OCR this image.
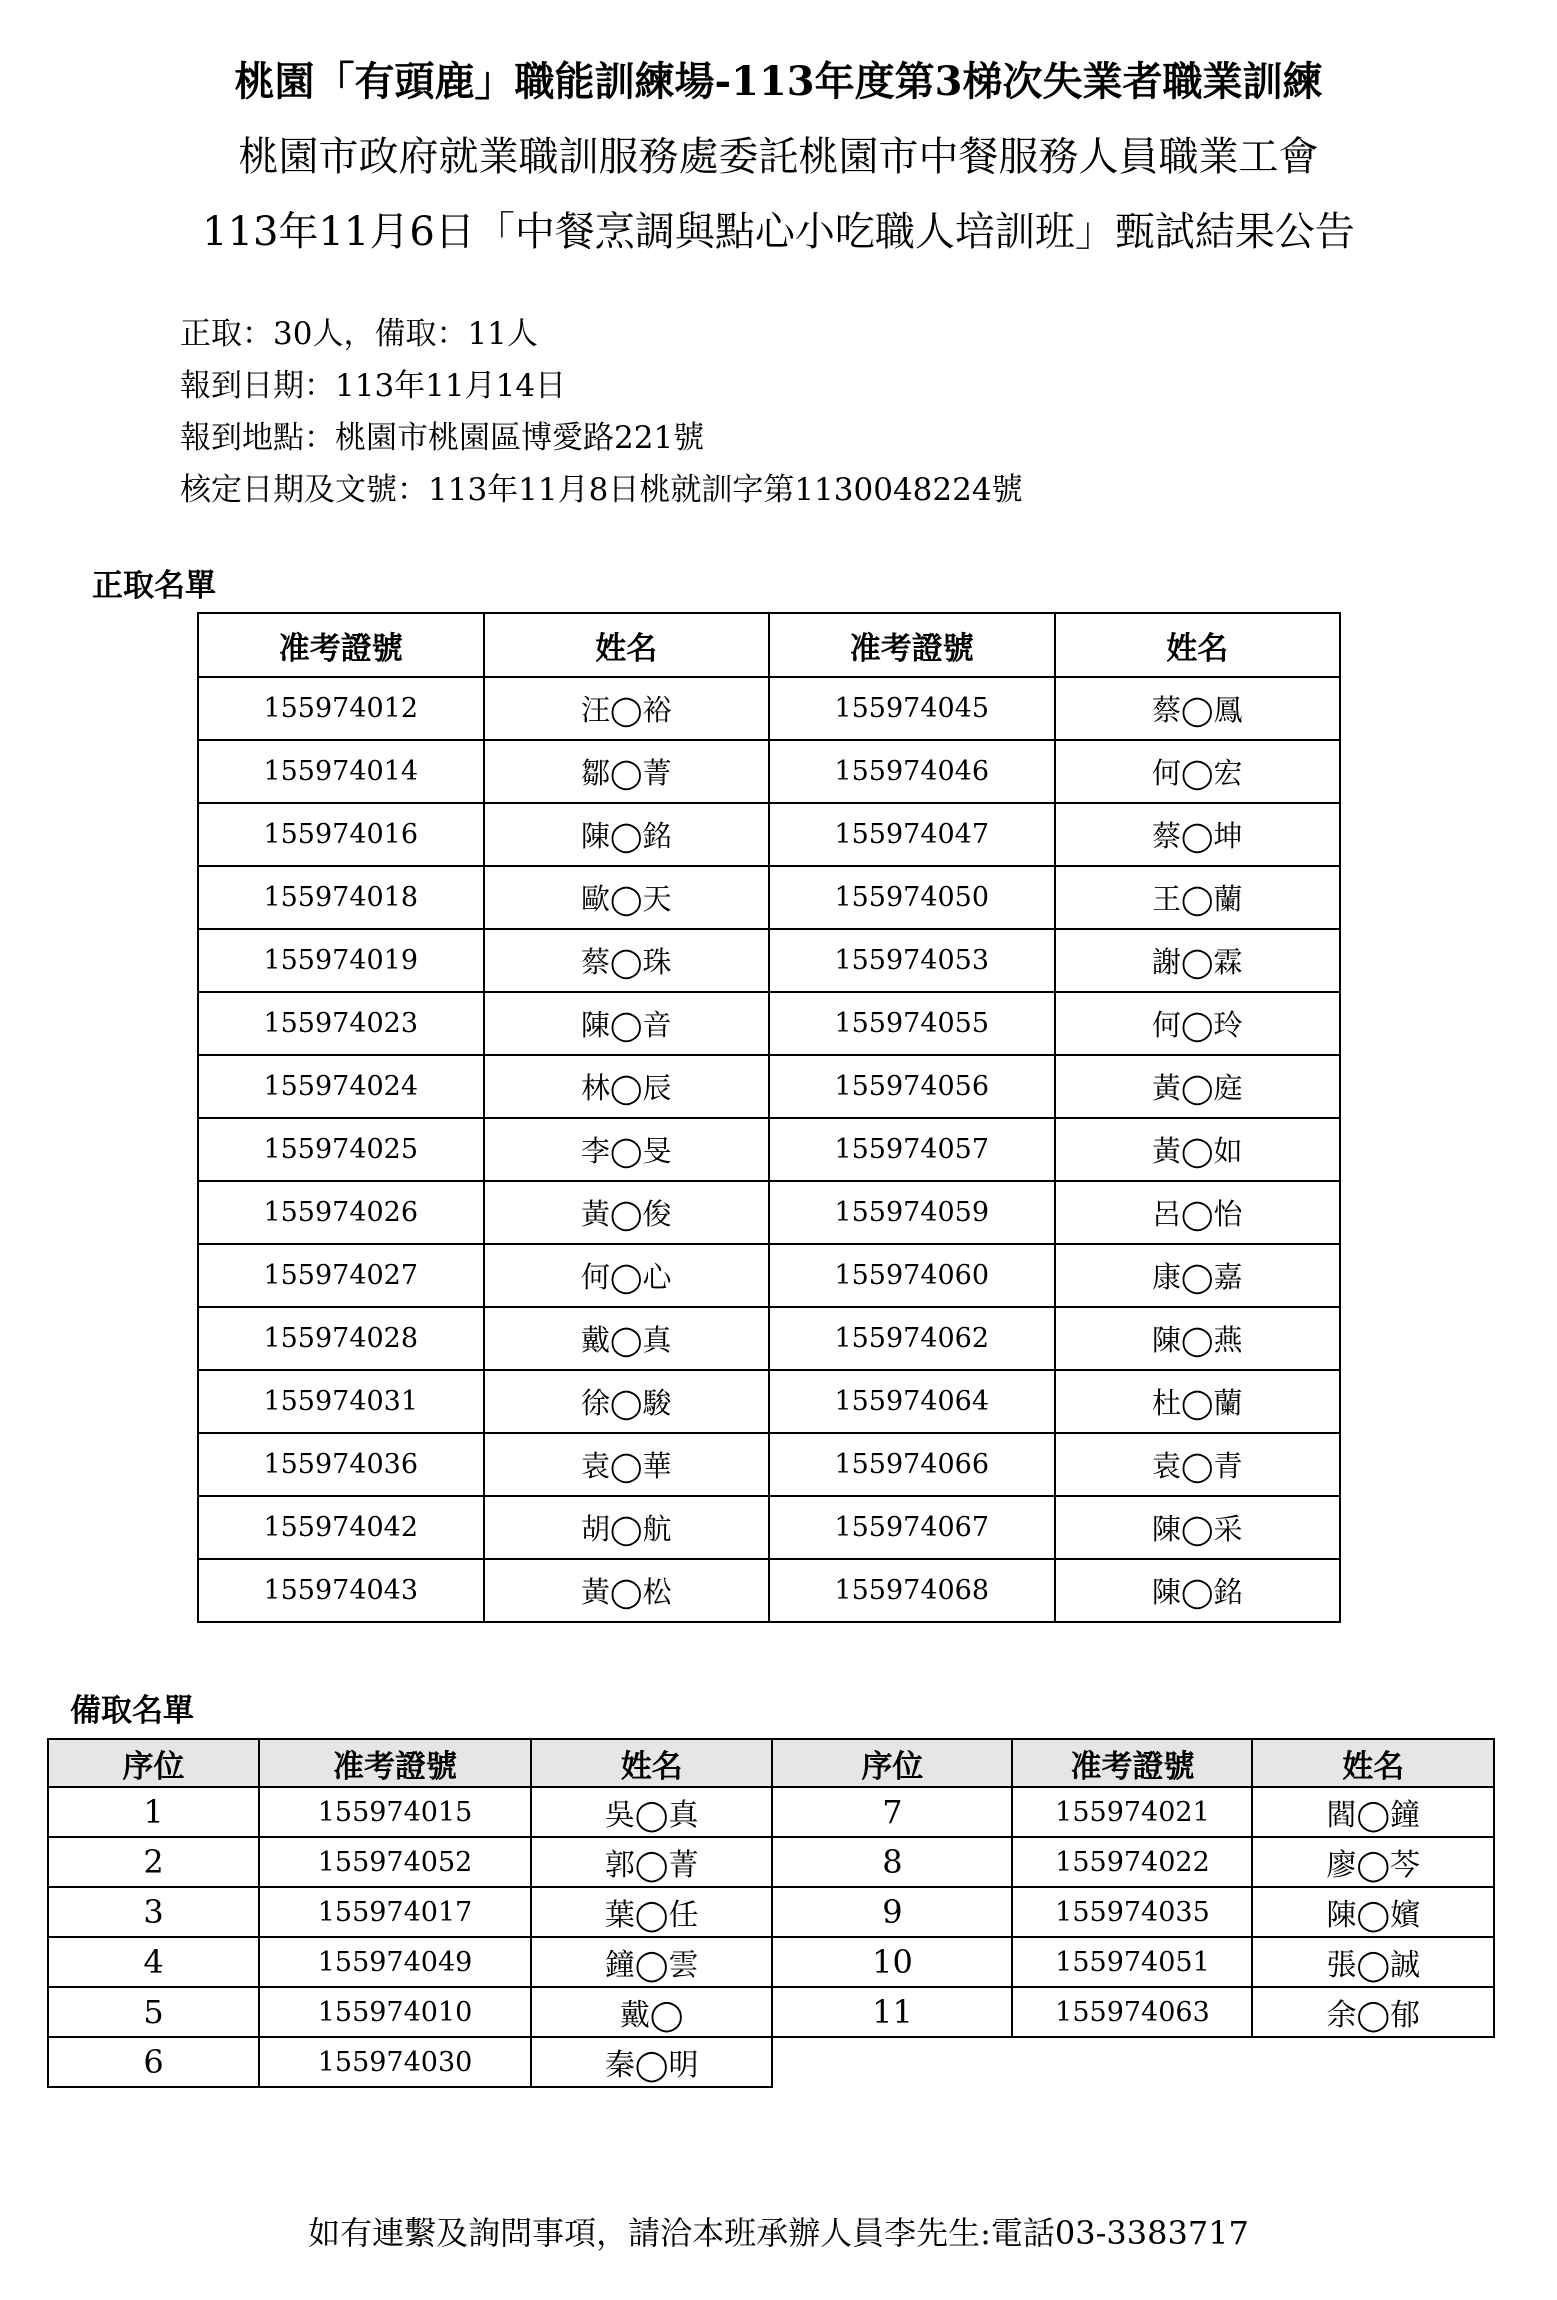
桃園「有頭鹿」職能訓練場-113年度第3梯次失業者職業訓練
桃園市政府就業職訓服務處委託桃園市中餐服務人員職業工會
113年11月6日「中餐烹調與點心小吃職人培訓班」甄試結果公告
正取：30人，備取：11人
報到日期：113年11月14日
報到地點：桃園市桃園區博愛路221號
核定日期及文號：113年11月8日桃就訓字第1130048224號
正取名單
准考證號	姓名	准考證號	姓名
155974012	汪◯裕	155974045	蔡◯鳳
155974014	鄒◯菁	155974046	何◯宏
155974016	陳◯銘	155974047	蔡◯坤
155974018	歐◯天	155974050	王◯蘭
155974019	蔡◯珠	155974053	謝◯霖
155974023	陳◯音	155974055	何◯玲
155974024	林◯辰	155974056	黃◯庭
155974025	李◯旻	155974057	黃◯如
155974026	黃◯俊	155974059	呂◯怡
155974027	何◯心	155974060	康◯嘉
155974028	戴◯真	155974062	陳◯燕
155974031	徐◯駿	155974064	杜◯蘭
155974036	袁◯華	155974066	袁◯青
155974042	胡◯航	155974067	陳◯采
155974043	黃◯松	155974068	陳◯銘
備取名單
序位	准考證號	姓名	序位	准考證號	姓名
1	155974015	吳◯真	7	155974021	閻◯鐘
2	155974052	郭◯菁	8	155974022	廖◯芩
3	155974017	葉◯任	9	155974035	陳◯嬪
4	155974049	鐘◯雲	10	155974051	張◯誠
5	155974010	戴◯	11	155974063	余◯郁
6	155974030	秦◯明			
如有連繫及詢問事項，請洽本班承辦人員李先生:電話03-3383717
